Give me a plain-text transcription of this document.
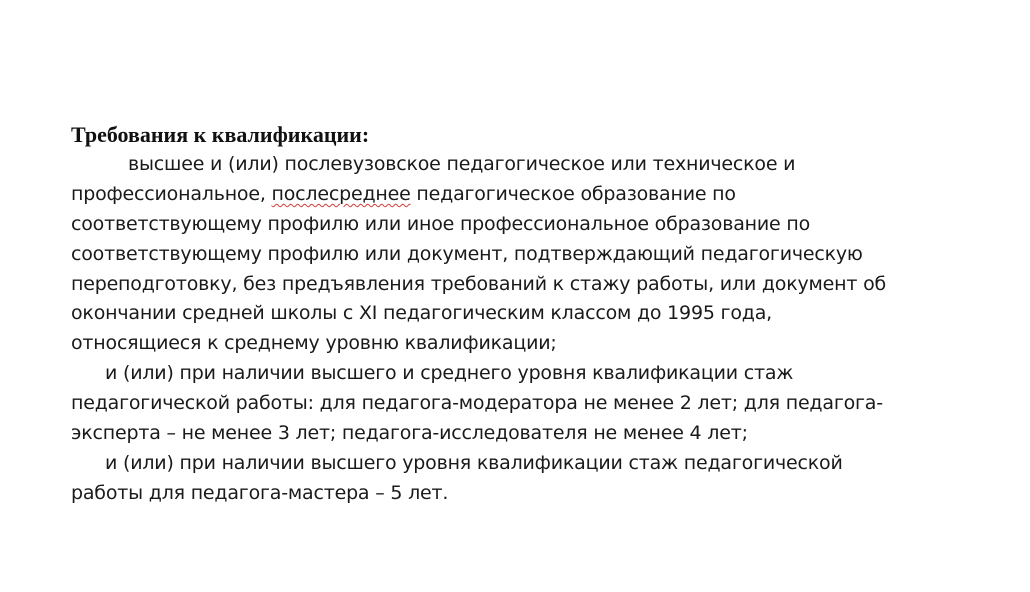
Требования к квалификации:
высшее и (или) послевузовское педагогическое или техническое и
профессиональное, послесреднее педагогическое образование по
соответствующему профилю или иное профессиональное образование по
соответствующему профилю или документ, подтверждающий педагогическую
переподготовку, без предъявления требований к стажу работы, или документ об
окончании средней школы с XI педагогическим классом до 1995 года,
относящиеся к среднему уровню квалификации;
и (или) при наличии высшего и среднего уровня квалификации стаж
педагогической работы: для педагога-модератора не менее 2 лет; для педагога-
эксперта – не менее 3 лет; педагога-исследователя не менее 4 лет;
и (или) при наличии высшего уровня квалификации стаж педагогической
работы для педагога-мастера – 5 лет.
